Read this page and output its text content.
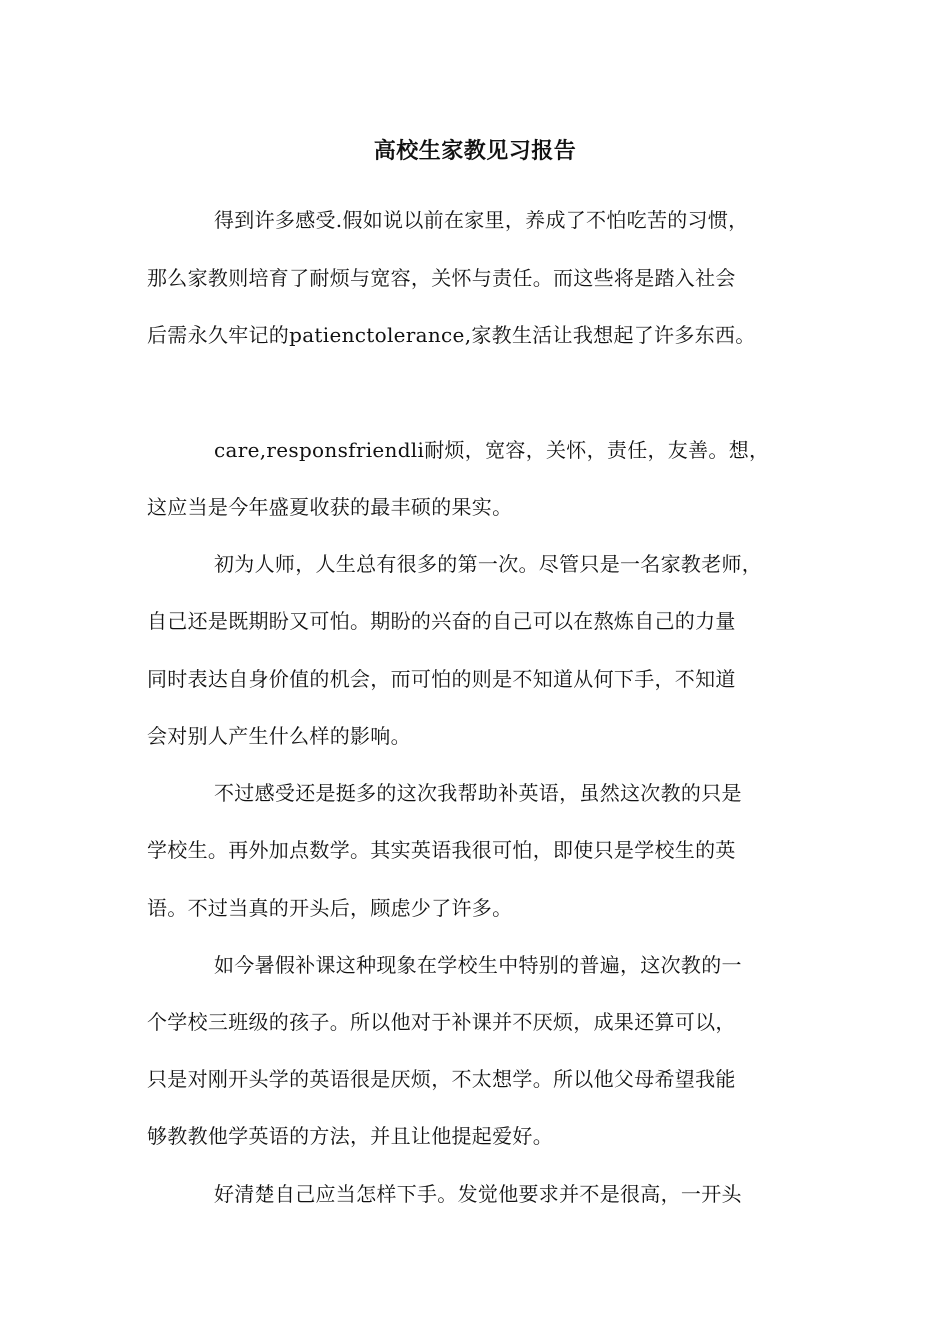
高校生家教见习报告
得到许多感受.假如说以前在家里，养成了不怕吃苦的习惯，
那么家教则培育了耐烦与宽容，关怀与责任。而这些将是踏入社会
后需永久牢记的patienctolerance,家教生活让我想起了许多东西。
care,responsfriendli耐烦，宽容，关怀，责任，友善。想，
这应当是今年盛夏收获的最丰硕的果实。
初为人师，人生总有很多的第一次。尽管只是一名家教老师，
自己还是既期盼又可怕。期盼的兴奋的自己可以在熬炼自己的力量
同时表达自身价值的机会，而可怕的则是不知道从何下手，不知道
会对别人产生什么样的影响。
不过感受还是挺多的这次我帮助补英语，虽然这次教的只是
学校生。再外加点数学。其实英语我很可怕，即使只是学校生的英
语。不过当真的开头后，顾虑少了许多。
如今暑假补课这种现象在学校生中特别的普遍，这次教的一
个学校三班级的孩子。所以他对于补课并不厌烦，成果还算可以，
只是对刚开头学的英语很是厌烦，不太想学。所以他父母希望我能
够教教他学英语的方法，并且让他提起爱好。
好清楚自己应当怎样下手。发觉他要求并不是很高，一开头
